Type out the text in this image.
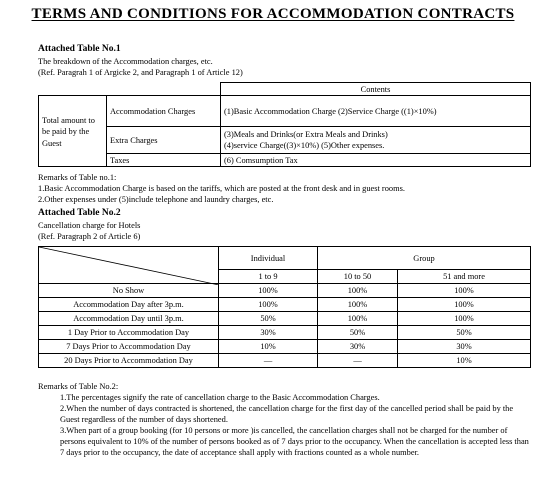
TERMS AND CONDITIONS FOR ACCOMMODATION CONTRACTS
Attached Table No.1
The breakdown of the Accommodation charges, etc.
(Ref. Paragrah 1 of Argicke 2, and Paragraph 1 of Article 12)
		Contents
Total amount to be paid by the Guest	Accommodation Charges	(1)Basic Accommodation Charge (2)Service Charge ((1)×10%)
	Extra Charges	(3)Meals and Drinks(or Extra Meals and Drinks)
(4)service Charge((3)×10%) (5)Other expenses.

	Taxes	(6) Comsumption Tax
Remarks of Table no.1:
1.Basic Accommodation Charge is based on the tariffs, which are posted at the front desk and in guest rooms.
2.Other expenses under (5)include telephone and laundry charges, etc.
Attached Table No.2
Cancellation charge for Hotels
(Ref. Paragraph 2 of Article 6)
	Individual	Group	
	1 to 9	10 to 50	51 and more
No Show	100%	100%	100%
Accommodation Day after 3p.m.	100%	100%	100%
Accommodation Day until 3p.m.	50%	100%	100%
1 Day Prior to Accommodation Day	30%	50%	50%
7 Days Prior to Accommodation Day	10%	30%	30%
20 Days Prior to Accommodation Day	—	—	10%
Remarks of Table No.2:
1.The percentages signify the rate of cancellation charge to the Basic Accommodation Charges.
2.When the number of days contracted is shortened, the cancellation charge for the first day of the cancelled period shall be paid by the Guest regardless of the number of days shortened.
3.When part of a group booking (for 10 persons or more )is cancelled, the cancellation charges shall not be charged for the number of persons equivalent to 10% of the number of persons booked as of 7 days prior to the occupancy. When the cancellation is accepted less than 7 days prior to the occupancy, the date of acceptance shall apply with fractions counted as a whole number.
